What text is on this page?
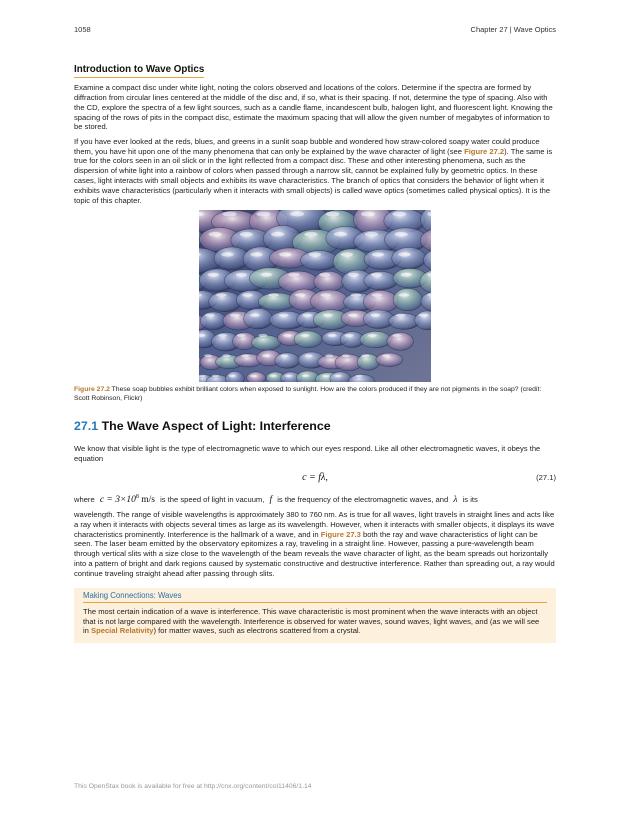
1058	Chapter 27 | Wave Optics
Introduction to Wave Optics

Examine a compact disc under white light, noting the colors observed and locations of the colors. Determine if the spectra are formed by diffraction from circular lines centered at the middle of the disc and, if so, what is their spacing. If not, determine the type of spacing. Also with the CD, explore the spectra of a few light sources, such as a candle flame, incandescent bulb, halogen light, and fluorescent light. Knowing the spacing of the rows of pits in the compact disc, estimate the maximum spacing that will allow the given number of megabytes of information to be stored.

If you have ever looked at the reds, blues, and greens in a sunlit soap bubble and wondered how straw-colored soapy water could produce them, you have hit upon one of the many phenomena that can only be explained by the wave character of light (see Figure 27.2). The same is true for the colors seen in an oil slick or in the light reflected from a compact disc. These and other interesting phenomena, such as the dispersion of white light into a rainbow of colors when passed through a narrow slit, cannot be explained fully by geometric optics. In these cases, light interacts with small objects and exhibits its wave characteristics. The branch of optics that considers the behavior of light when it exhibits wave characteristics (particularly when it interacts with small objects) is called wave optics (sometimes called physical optics). It is the topic of this chapter.

Figure 27.2 These soap bubbles exhibit brilliant colors when exposed to sunlight. How are the colors produced if they are not pigments in the soap? (credit: Scott Robinson, Flickr)

27.1 The Wave Aspect of Light: Interference

We know that visible light is the type of electromagnetic wave to which our eyes respond. Like all other electromagnetic waves, it obeys the equation

c = fλ,	(27.1)

where $c = 3\times 10^8$ m/s is the speed of light in vacuum, f is the frequency of the electromagnetic waves, and λ is its

wavelength. The range of visible wavelengths is approximately 380 to 760 nm. As is true for all waves, light travels in straight lines and acts like a ray when it interacts with objects several times as large as its wavelength. However, when it interacts with smaller objects, it displays its wave characteristics prominently. Interference is the hallmark of a wave, and in Figure 27.3 both the ray and wave characteristics of light can be seen. The laser beam emitted by the observatory epitomizes a ray, traveling in a straight line. However, passing a pure-wavelength beam through vertical slits with a size close to the wavelength of the beam reveals the wave character of light, as the beam spreads out horizontally into a pattern of bright and dark regions caused by systematic constructive and destructive interference. Rather than spreading out, a ray would continue traveling straight ahead after passing through slits.

Making Connections: Waves

The most certain indication of a wave is interference. This wave characteristic is most prominent when the wave interacts with an object that is not large compared with the wavelength. Interference is observed for water waves, sound waves, light waves, and (as we will see in Special Relativity) for matter waves, such as electrons scattered from a crystal.

This OpenStax book is available for free at http://cnx.org/content/col11406/1.14
